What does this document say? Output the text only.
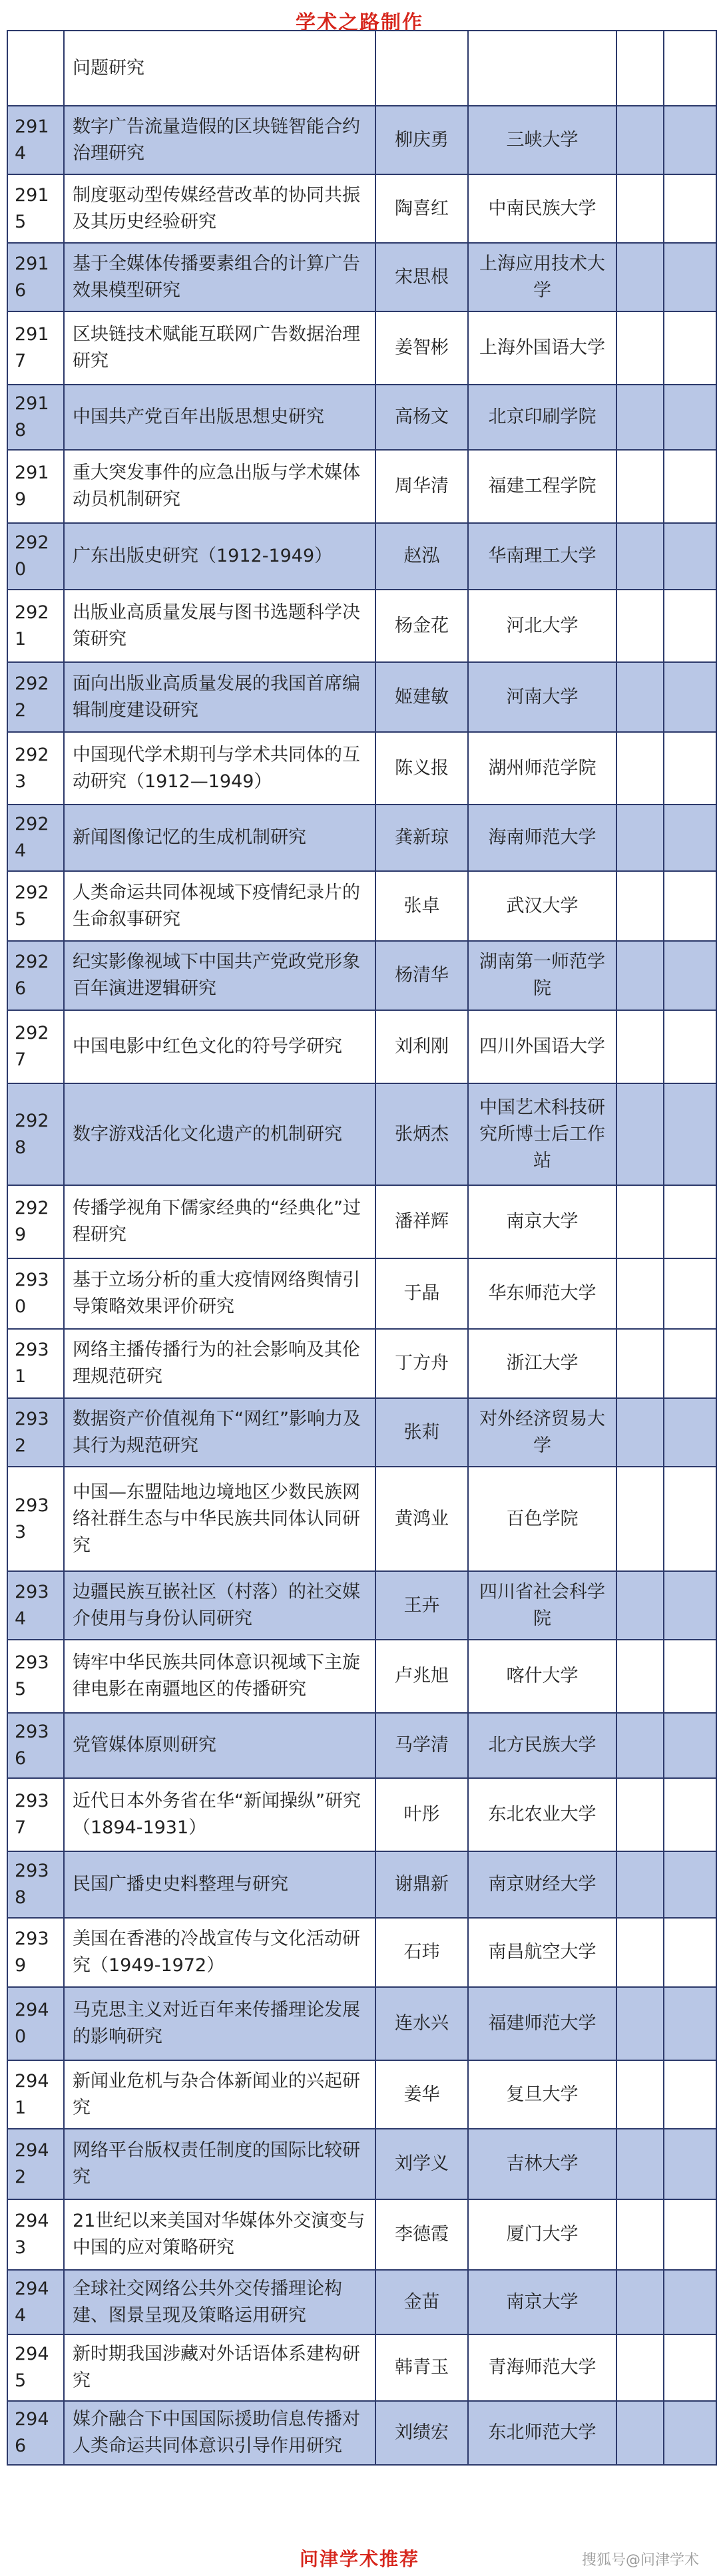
学术之路制作
	问题研究				
2914	数字广告流量造假的区块链智能合约治理研究	柳庆勇	三峡大学		
2915	制度驱动型传媒经营改革的协同共振及其历史经验研究	陶喜红	中南民族大学		
2916	基于全媒体传播要素组合的计算广告效果模型研究	宋思根	上海应用技术大学		
2917	区块链技术赋能互联网广告数据治理研究	姜智彬	上海外国语大学		
2918	中国共产党百年出版思想史研究	高杨文	北京印刷学院		
2919	重大突发事件的应急出版与学术媒体动员机制研究	周华清	福建工程学院		
2920	广东出版史研究（1912-1949）	赵泓	华南理工大学		
2921	出版业高质量发展与图书选题科学决策研究	杨金花	河北大学		
2922	面向出版业高质量发展的我国首席编辑制度建设研究	姬建敏	河南大学		
2923	中国现代学术期刊与学术共同体的互动研究（1912—1949）	陈义报	湖州师范学院		
2924	新闻图像记忆的生成机制研究	龚新琼	海南师范大学		
2925	人类命运共同体视域下疫情纪录片的生命叙事研究	张卓	武汉大学		
2926	纪实影像视域下中国共产党政党形象百年演进逻辑研究	杨清华	湖南第一师范学院		
2927	中国电影中红色文化的符号学研究	刘利刚	四川外国语大学		
2928	数字游戏活化文化遗产的机制研究	张炳杰	中国艺术科技研究所博士后工作站		
2929	传播学视角下儒家经典的“经典化”过程研究	潘祥辉	南京大学		
2930	基于立场分析的重大疫情网络舆情引导策略效果评价研究	于晶	华东师范大学		
2931	网络主播传播行为的社会影响及其伦理规范研究	丁方舟	浙江大学		
2932	数据资产价值视角下“网红”影响力及其行为规范研究	张莉	对外经济贸易大学		
2933	中国—东盟陆地边境地区少数民族网络社群生态与中华民族共同体认同研究	黄鸿业	百色学院		
2934	边疆民族互嵌社区（村落）的社交媒介使用与身份认同研究	王卉	四川省社会科学院		
2935	铸牢中华民族共同体意识视域下主旋律电影在南疆地区的传播研究	卢兆旭	喀什大学		
2936	党管媒体原则研究	马学清	北方民族大学		
2937	近代日本外务省在华“新闻操纵”研究（1894-1931）	叶彤	东北农业大学		
2938	民国广播史史料整理与研究	谢鼎新	南京财经大学		
2939	美国在香港的冷战宣传与文化活动研究（1949-1972）	石玮	南昌航空大学		
2940	马克思主义对近百年来传播理论发展的影响研究	连水兴	福建师范大学		
2941	新闻业危机与杂合体新闻业的兴起研究	姜华	复旦大学		
2942	网络平台版权责任制度的国际比较研究	刘学义	吉林大学		
2943	21世纪以来美国对华媒体外交演变与中国的应对策略研究	李德霞	厦门大学		
2944	全球社交网络公共外交传播理论构建、图景呈现及策略运用研究	金苗	南京大学		
2945	新时期我国涉藏对外话语体系建构研究	韩青玉	青海师范大学		
2946	媒介融合下中国国际援助信息传播对人类命运共同体意识引导作用研究	刘绩宏	东北师范大学		
问津学术推荐	搜狐号@问津学术
